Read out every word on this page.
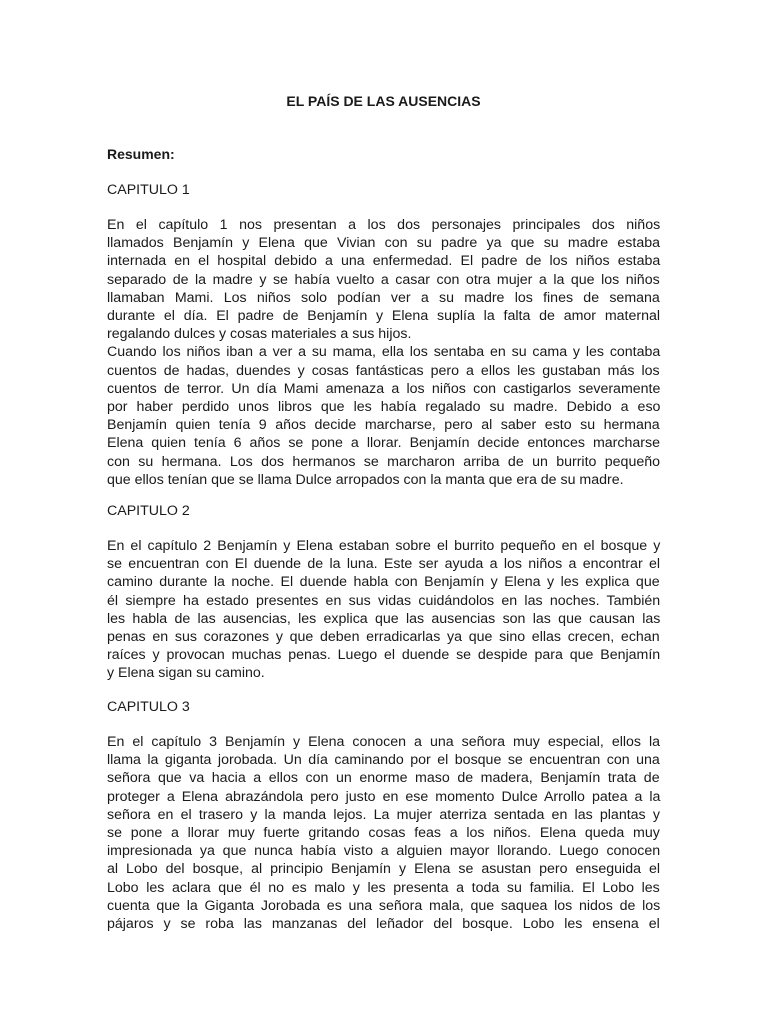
EL PAÍS DE LAS AUSENCIAS
Resumen:
CAPITULO 1
En el capítulo 1 nos presentan a los dos personajes principales dos niños
llamados Benjamín y Elena que Vivian con su padre ya que su madre estaba
internada en el hospital debido a una enfermedad. El padre de los niños estaba
separado de la madre y se había vuelto a casar con otra mujer a la que los niños
llamaban Mami. Los niños solo podían ver a su madre los fines de semana
durante el día. El padre de Benjamín y Elena suplía la falta de amor maternal
regalando dulces y cosas materiales a sus hijos.
Cuando los niños iban a ver a su mama, ella los sentaba en su cama y les contaba
cuentos de hadas, duendes y cosas fantásticas pero a ellos les gustaban más los
cuentos de terror. Un día Mami amenaza a los niños con castigarlos severamente
por haber perdido unos libros que les había regalado su madre. Debido a eso
Benjamín quien tenía 9 años decide marcharse, pero al saber esto su hermana
Elena quien tenía 6 años se pone a llorar. Benjamín decide entonces marcharse
con su hermana. Los dos hermanos se marcharon arriba de un burrito pequeño
que ellos tenían que se llama Dulce arropados con la manta que era de su madre.
CAPITULO 2
En el capítulo 2 Benjamín y Elena estaban sobre el burrito pequeño en el bosque y
se encuentran con El duende de la luna. Este ser ayuda a los niños a encontrar el
camino durante la noche. El duende habla con Benjamín y Elena y les explica que
él siempre ha estado presentes en sus vidas cuidándolos en las noches. También
les habla de las ausencias, les explica que las ausencias son las que causan las
penas en sus corazones y que deben erradicarlas ya que sino ellas crecen, echan
raíces y provocan muchas penas. Luego el duende se despide para que Benjamín
y Elena sigan su camino.
CAPITULO 3
En el capítulo 3 Benjamín y Elena conocen a una señora muy especial, ellos la
llama la giganta jorobada. Un día caminando por el bosque se encuentran con una
señora que va hacia a ellos con un enorme maso de madera, Benjamín trata de
proteger a Elena abrazándola pero justo en ese momento Dulce Arrollo patea a la
señora en el trasero y la manda lejos. La mujer aterriza sentada en las plantas y
se pone a llorar muy fuerte gritando cosas feas a los niños. Elena queda muy
impresionada ya que nunca había visto a alguien mayor llorando. Luego conocen
al Lobo del bosque, al principio Benjamín y Elena se asustan pero enseguida el
Lobo les aclara que él no es malo y les presenta a toda su familia. El Lobo les
cuenta que la Giganta Jorobada es una señora mala, que saquea los nidos de los
pájaros y se roba las manzanas del leñador del bosque. Lobo les ensena el
